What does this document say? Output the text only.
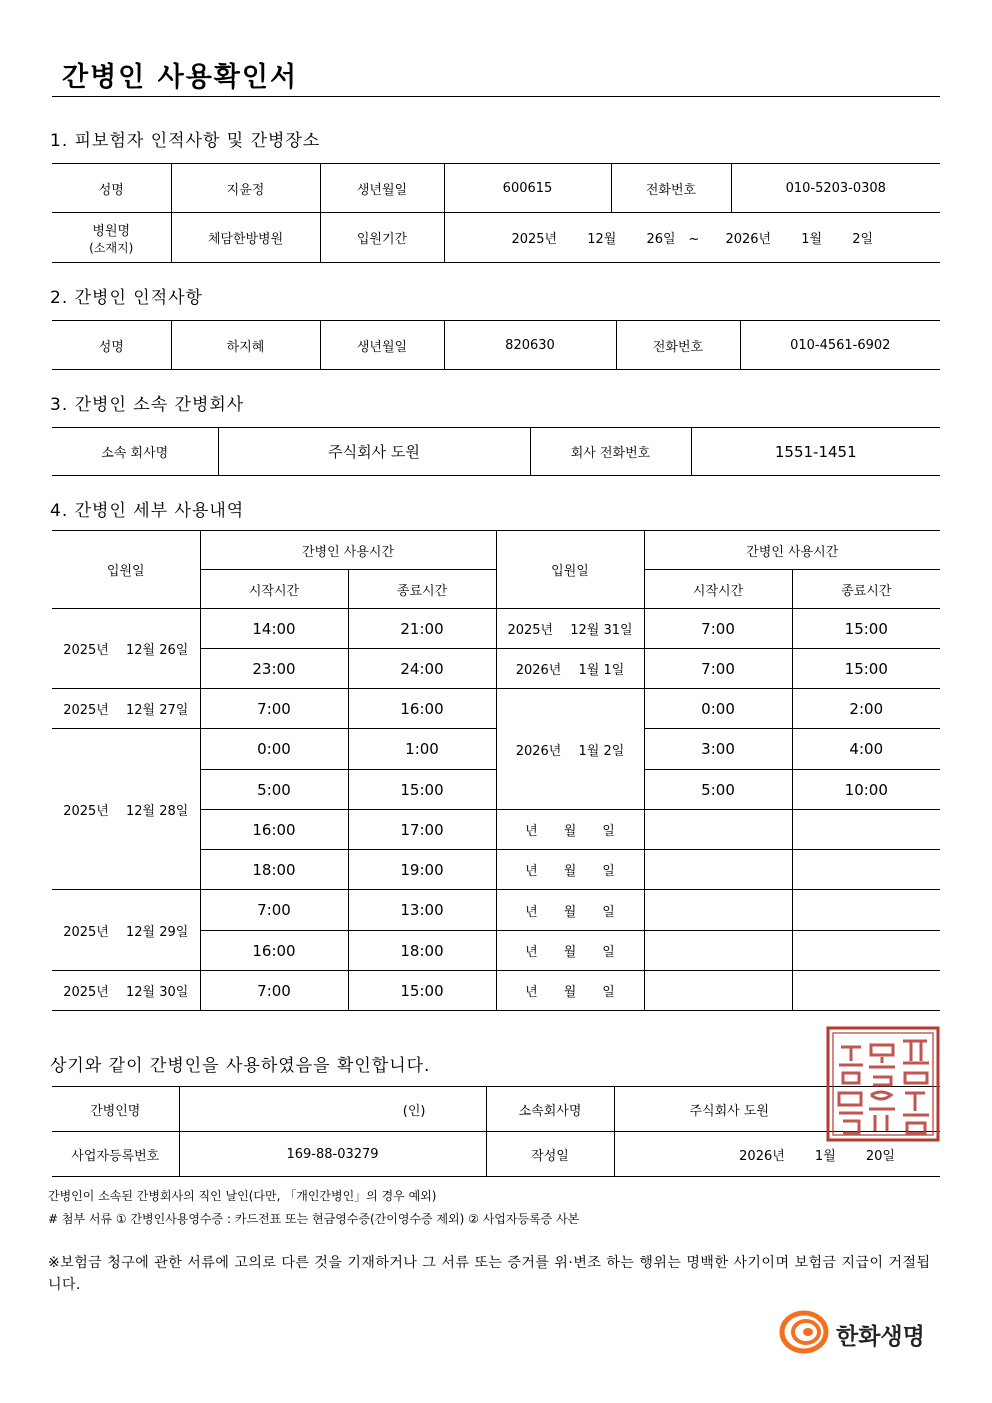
간병인 사용확인서
1. 피보험자 인적사항 및 간병장소
성명	지윤정	생년월일	600615	전화번호	010-5203-0308
병원명
(소재지)	체담한방병원	입원기간	2025년 　　12월 　　26일　~　　2026년 　　1월 　　2일		
2. 간병인 인적사항
성명	하지혜	생년월일	820630	전화번호	010-4561-6902
3. 간병인 소속 간병회사
소속 회사명	주식회사 도원	회사 전화번호	1551-1451
4. 간병인 세부 사용내역
입원일	간병인 사용시간		입원일	간병인 사용시간	
	시작시간	종료시간		시작시간	종료시간
2025년 　12월 26일	14:00	21:00	2025년 　12월 31일	7:00	15:00
	23:00	24:00	2026년 　1월 1일	7:00	15:00
2025년 　12월 27일	7:00	16:00	2026년 　1월 2일	0:00	2:00
2025년 　12월 28일	0:00	1:00		3:00	4:00
	5:00	15:00		5:00	10:00
	16:00	17:00	년　　월　　일		
	18:00	19:00	년　　월　　일		
2025년 　12월 29일	7:00	13:00	년　　월　　일		
	16:00	18:00	년　　월　　일		
2025년 　12월 30일	7:00	15:00	년　　월　　일		
상기와 같이 간병인을 사용하였음을 확인합니다.
간병인명	(인)	소속회사명	주식회사 도원
사업자등록번호	169-88-03279	작성일	2026년 　　1월 　　20일
간병인이 소속된 간병회사의 직인 날인(다만, 「개인간병인」의 경우 예외)
# 첨부 서류 ① 간병인사용영수증 : 카드전표 또는 현금영수증(간이영수증 제외) ② 사업자등록증 사본
※보험금 청구에 관한 서류에 고의로 다른 것을 기재하거나 그 서류 또는 증거를 위·변조 하는 행위는 명백한 사기이며 보험금 지급이 거절됩니다.
한화생명
